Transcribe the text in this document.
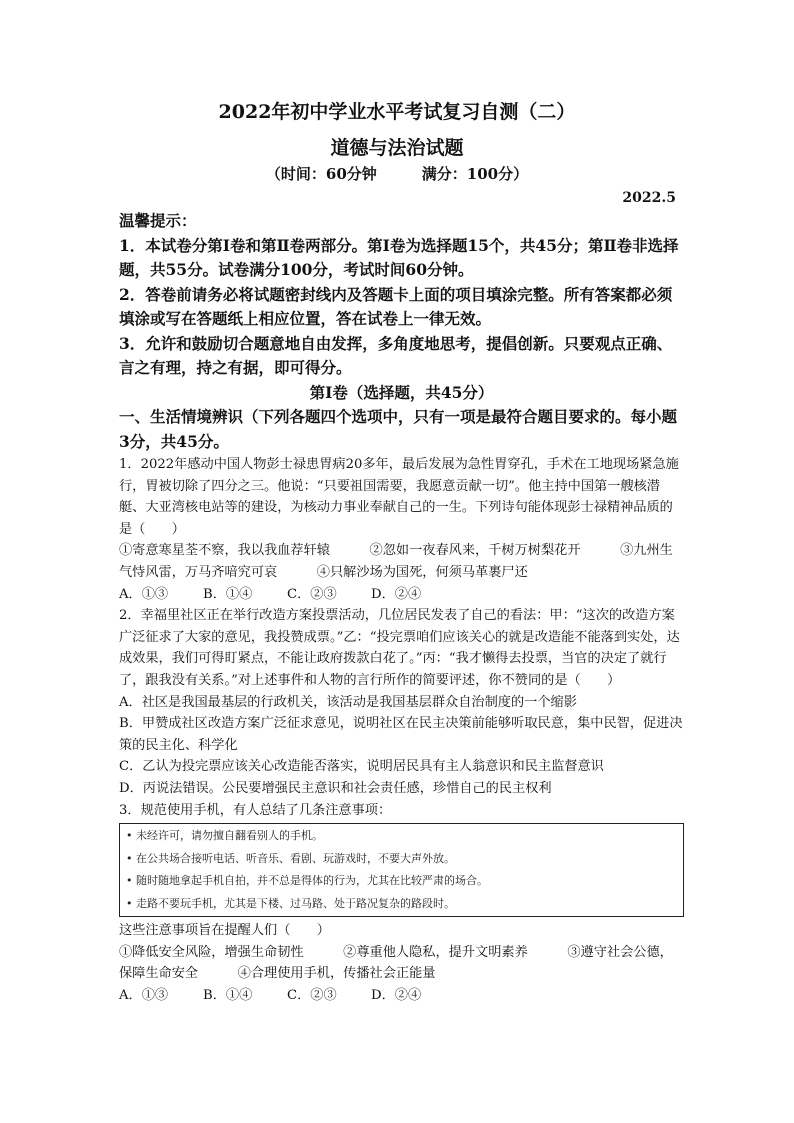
2022年初中学业水平考试复习自测（二）
道德与法治试题
（时间：60分钟　　　满分：100分）
2022.5
温馨提示：
1．本试卷分第Ⅰ卷和第Ⅱ卷两部分。第Ⅰ卷为选择题15个，共45分；第Ⅱ卷非选择题，共55分。试卷满分100分，考试时间60分钟。
2．答卷前请务必将试题密封线内及答题卡上面的项目填涂完整。所有答案都必须填涂或写在答题纸上相应位置，答在试卷上一律无效。
3．允许和鼓励切合题意地自由发挥，多角度地思考，提倡创新。只要观点正确、言之有理，持之有据，即可得分。
第Ⅰ卷（选择题，共45分）
一、生活情境辨识（下列各题四个选项中，只有一项是最符合题目要求的。每小题3分，共45分。
1．2022年感动中国人物彭士禄患胃病20多年，最后发展为急性胃穿孔，手术在工地现场紧急施行，胃被切除了四分之三。他说：“只要祖国需要，我愿意贡献一切”。他主持中国第一艘核潜艇、大亚湾核电站等的建设，为核动力事业奉献自己的一生。下列诗句能体现彭士禄精神品质的是（　　）
①寄意寒星荃不察，我以我血荐轩辕　　　②忽如一夜春风来，千树万树梨花开　　　③九州生气恃风雷，万马齐喑究可哀　　　④只解沙场为国死，何须马革裹尸还
A．①③	B．①④	C．②③	D．②④
2．幸福里社区正在举行改造方案投票活动，几位居民发表了自己的看法：甲：“这次的改造方案广泛征求了大家的意见，我投赞成票。”乙：“投完票咱们应该关心的就是改造能不能落到实处，达成效果，我们可得盯紧点，不能让政府拨款白花了。”丙：“我才懒得去投票，当官的决定了就行了，跟我没有关系。”对上述事件和人物的言行所作的简要评述，你不赞同的是（　　）
A．社区是我国最基层的行政机关，该活动是我国基层群众自治制度的一个缩影
B．甲赞成社区改造方案广泛征求意见，说明社区在民主决策前能够听取民意，集中民智，促进决策的民主化、科学化
C．乙认为投完票应该关心改造能否落实，说明居民具有主人翁意识和民主监督意识
D．丙说法错误。公民要增强民主意识和社会责任感，珍惜自己的民主权利
3．规范使用手机，有人总结了几条注意事项：
• 未经许可，请勿擅自翻看别人的手机。
• 在公共场合接听电话、听音乐、看剧、玩游戏时，不要大声外放。
• 随时随地拿起手机自拍，并不总是得体的行为，尤其在比较严肃的场合。
• 走路不要玩手机，尤其是下楼、过马路、处于路况复杂的路段时。
这些注意事项旨在提醒人们（　　）
①降低安全风险，增强生命韧性　　　②尊重他人隐私，提升文明素养　　　③遵守社会公德，保障生命安全　　　④合理使用手机，传播社会正能量
A．①③	B．①④	C．②③	D．②④
